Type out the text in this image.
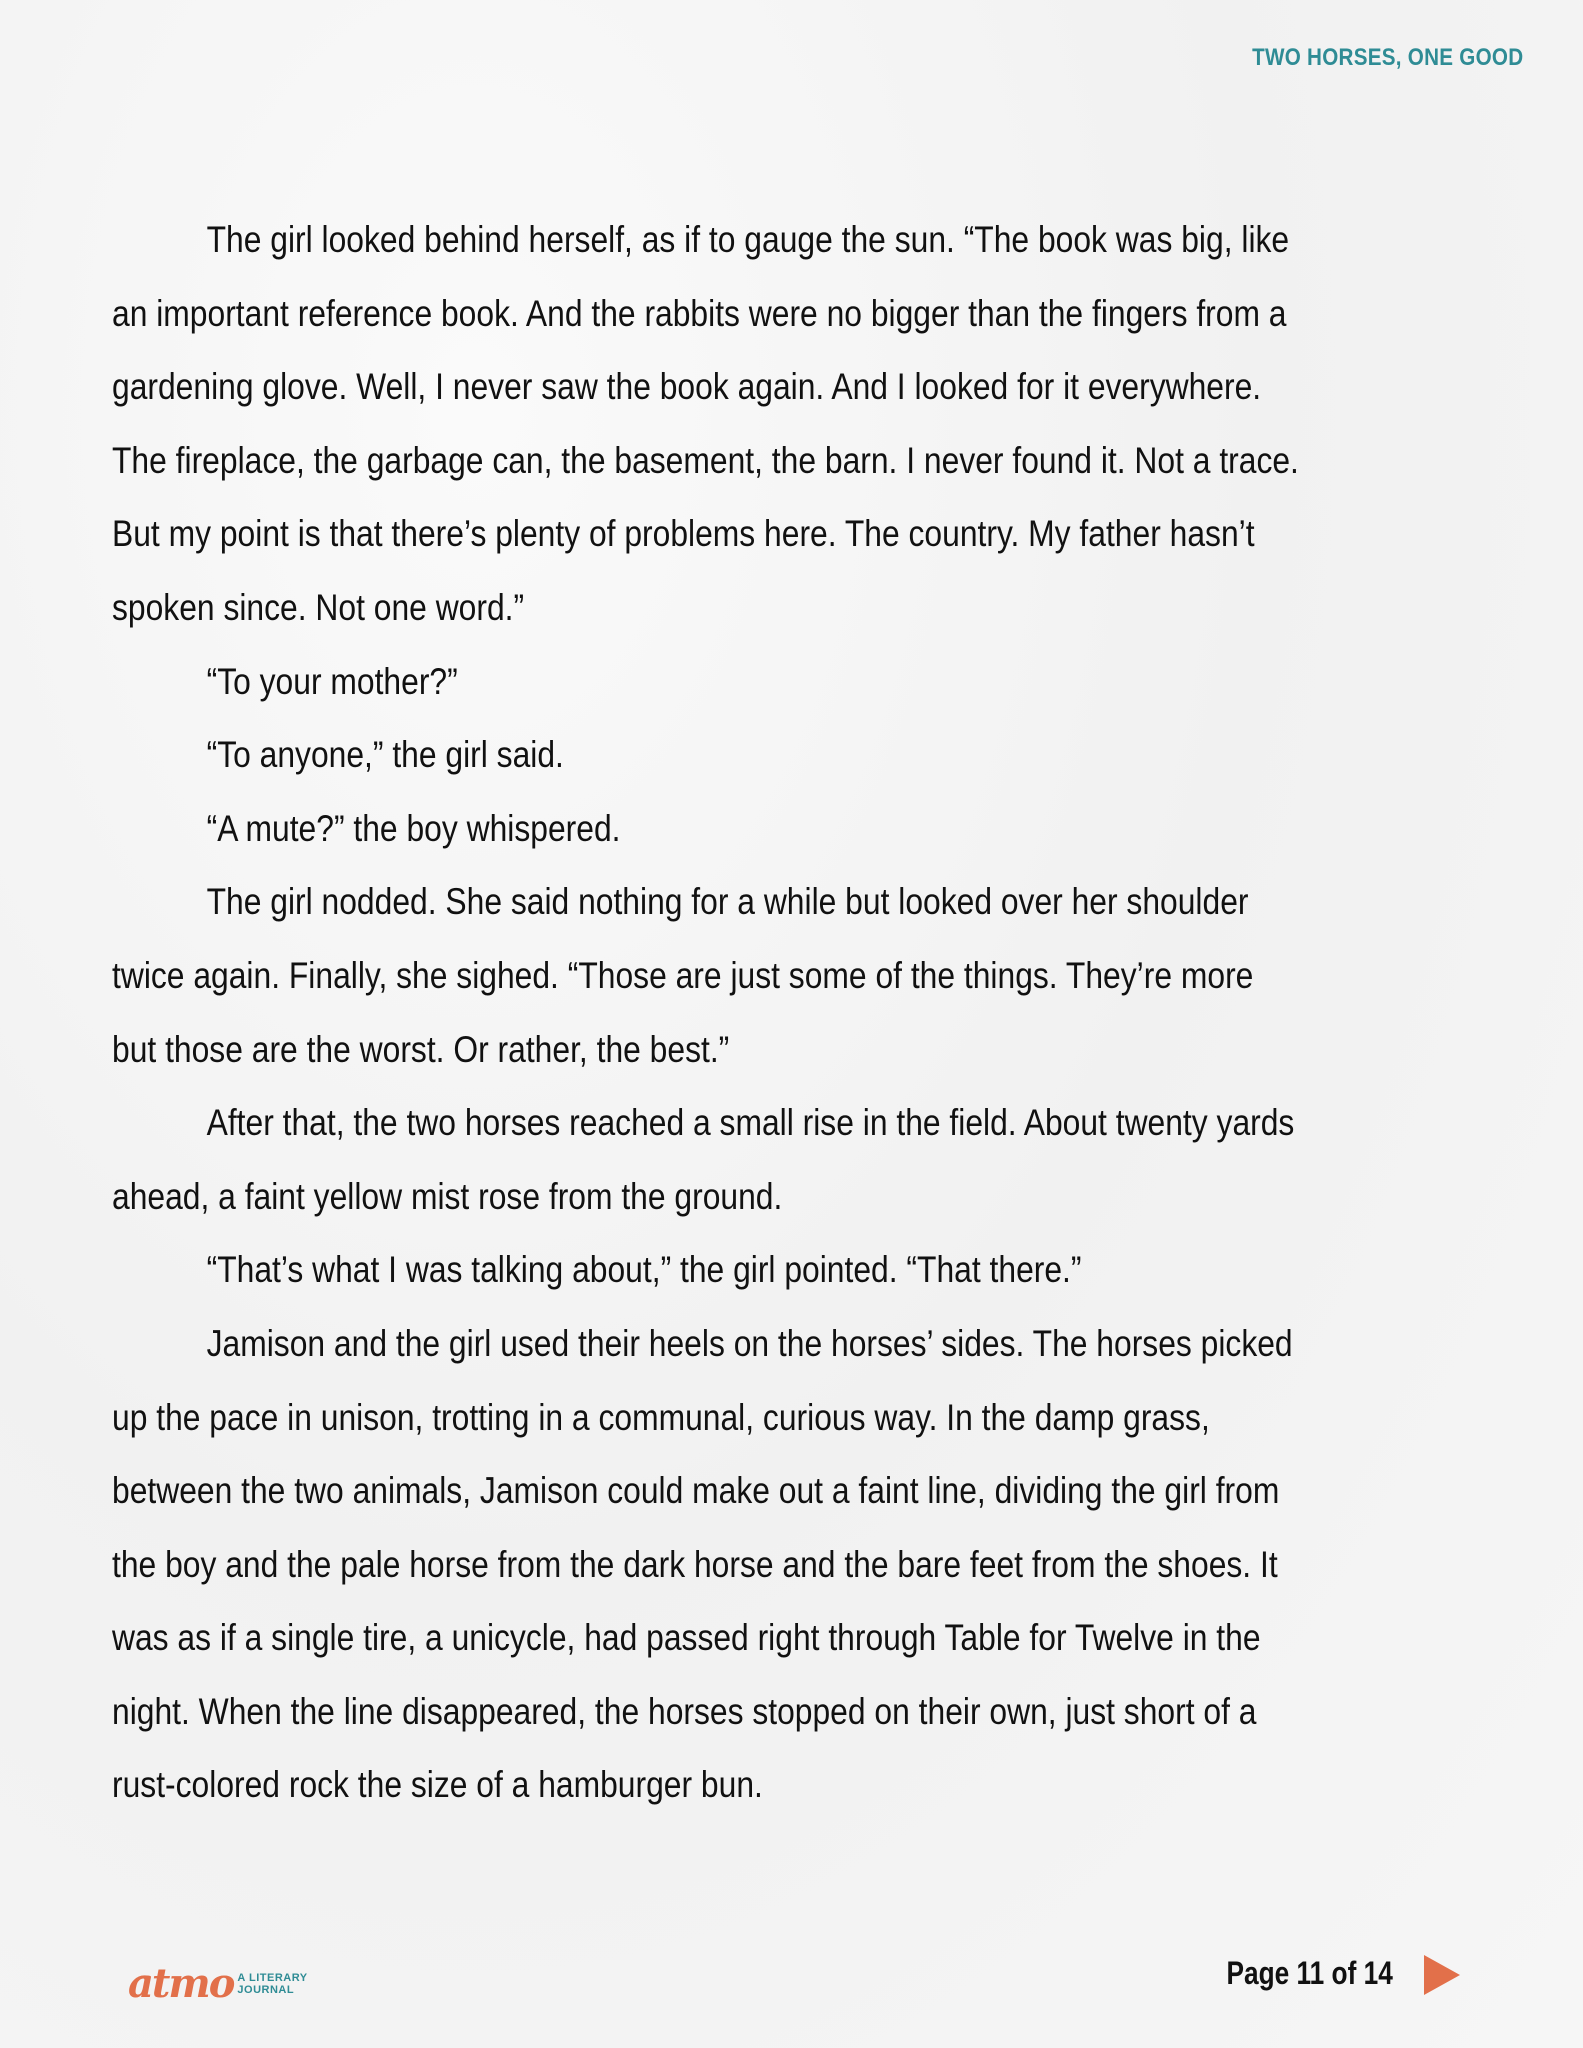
TWO HORSES, ONE GOOD
The girl looked behind herself, as if to gauge the sun. “The book was big, like
an important reference book. And the rabbits were no bigger than the fingers from a
gardening glove. Well, I never saw the book again. And I looked for it everywhere.
The fireplace, the garbage can, the basement, the barn. I never found it. Not a trace.
But my point is that there’s plenty of problems here. The country. My father hasn’t
spoken since. Not one word.”
“To your mother?”
“To anyone,” the girl said.
“A mute?” the boy whispered.
The girl nodded. She said nothing for a while but looked over her shoulder
twice again. Finally, she sighed. “Those are just some of the things. They’re more
but those are the worst. Or rather, the best.”
After that, the two horses reached a small rise in the field. About twenty yards
ahead, a faint yellow mist rose from the ground.
“That’s what I was talking about,” the girl pointed. “That there.”
Jamison and the girl used their heels on the horses’ sides. The horses picked
up the pace in unison, trotting in a communal, curious way. In the damp grass,
between the two animals, Jamison could make out a faint line, dividing the girl from
the boy and the pale horse from the dark horse and the bare feet from the shoes. It
was as if a single tire, a unicycle, had passed right through Table for Twelve in the
night. When the line disappeared, the horses stopped on their own, just short of a
rust-colored rock the size of a hamburger bun.
atmo A LITERARY
JOURNAL	Page 11 of 14
